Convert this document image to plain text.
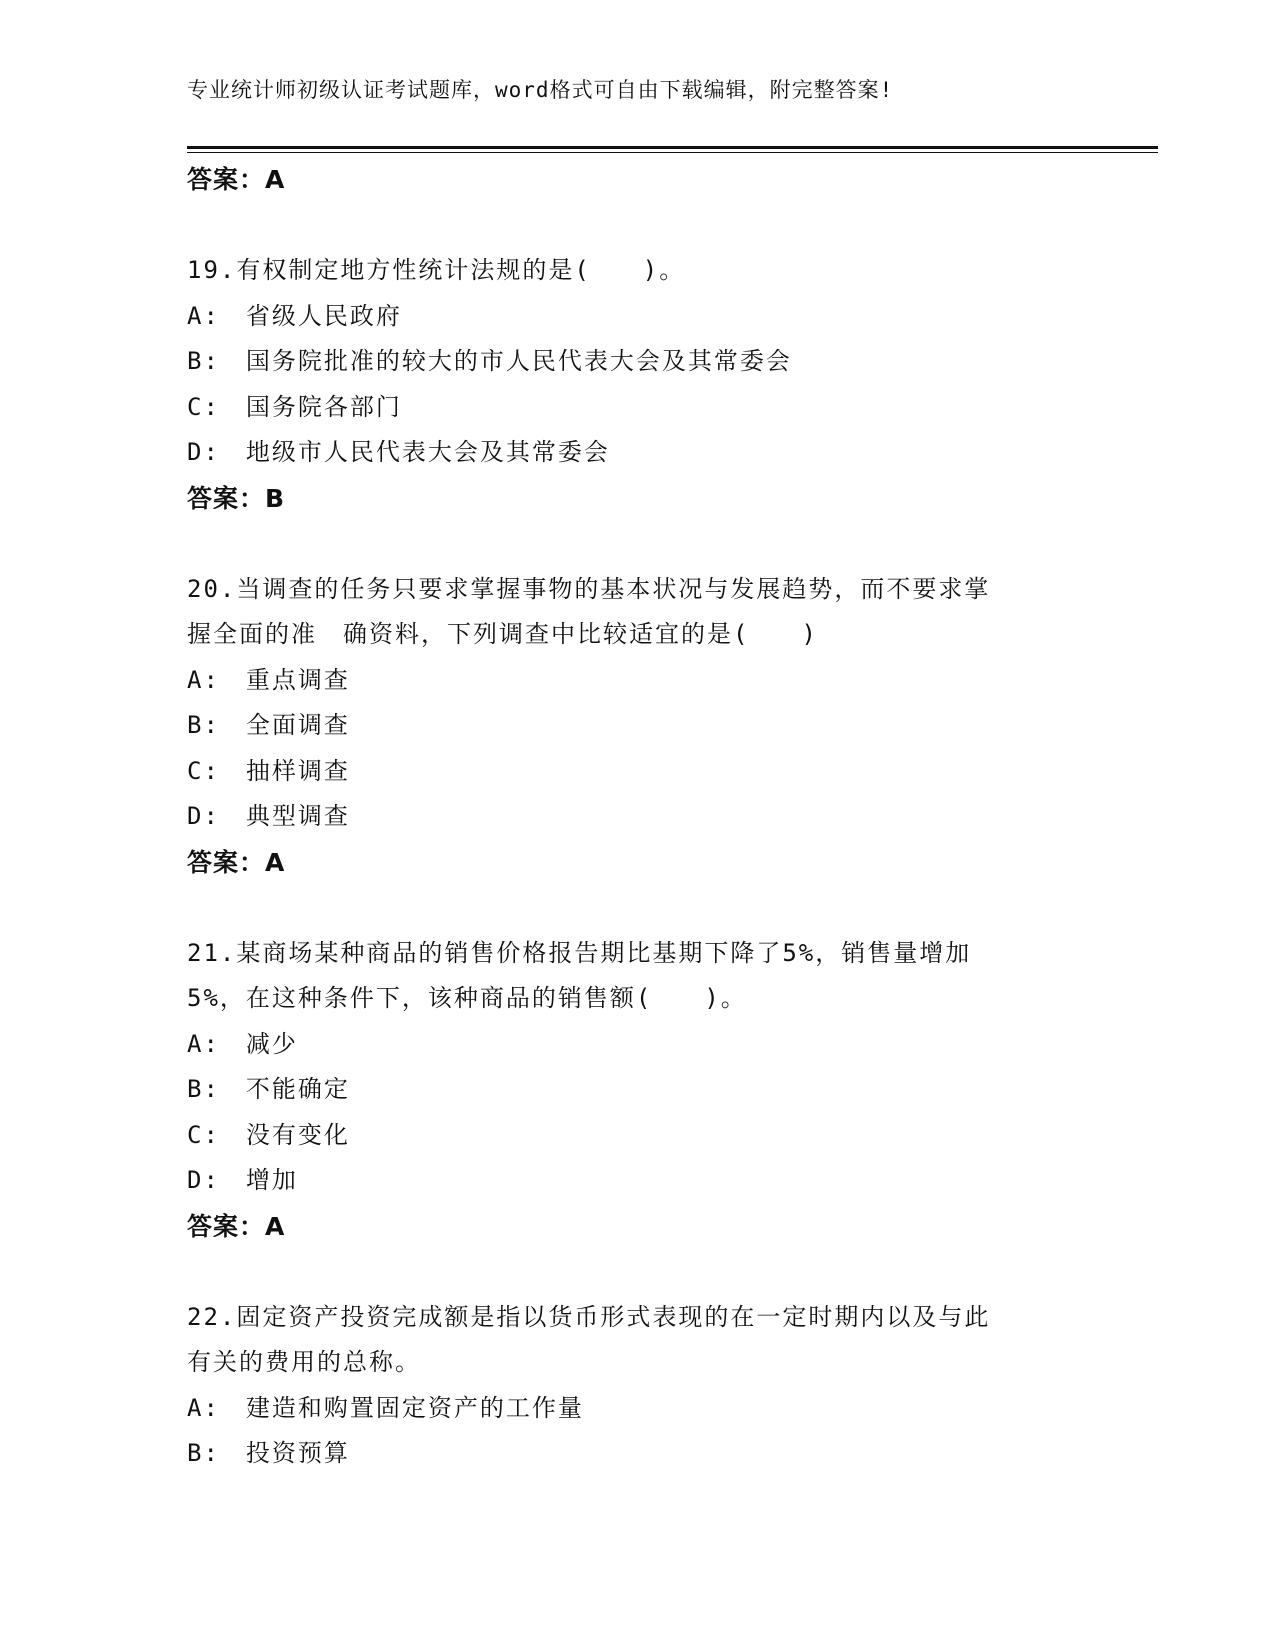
专业统计师初级认证考试题库，word格式可自由下载编辑，附完整答案!
答案：A
19.有权制定地方性统计法规的是(　　)。
A:　省级人民政府
B:　国务院批准的较大的市人民代表大会及其常委会
C:　国务院各部门
D:　地级市人民代表大会及其常委会
答案：B
20.当调查的任务只要求掌握事物的基本状况与发展趋势，而不要求掌
握全面的准　确资料，下列调查中比较适宜的是(　　)
A:　重点调查
B:　全面调查
C:　抽样调查
D:　典型调查
答案：A
21.某商场某种商品的销售价格报告期比基期下降了5%，销售量增加
5%，在这种条件下，该种商品的销售额(　　)。
A:　减少
B:　不能确定
C:　没有变化
D:　增加
答案：A
22.固定资产投资完成额是指以货币形式表现的在一定时期内以及与此
有关的费用的总称。
A:　建造和购置固定资产的工作量
B:　投资预算
